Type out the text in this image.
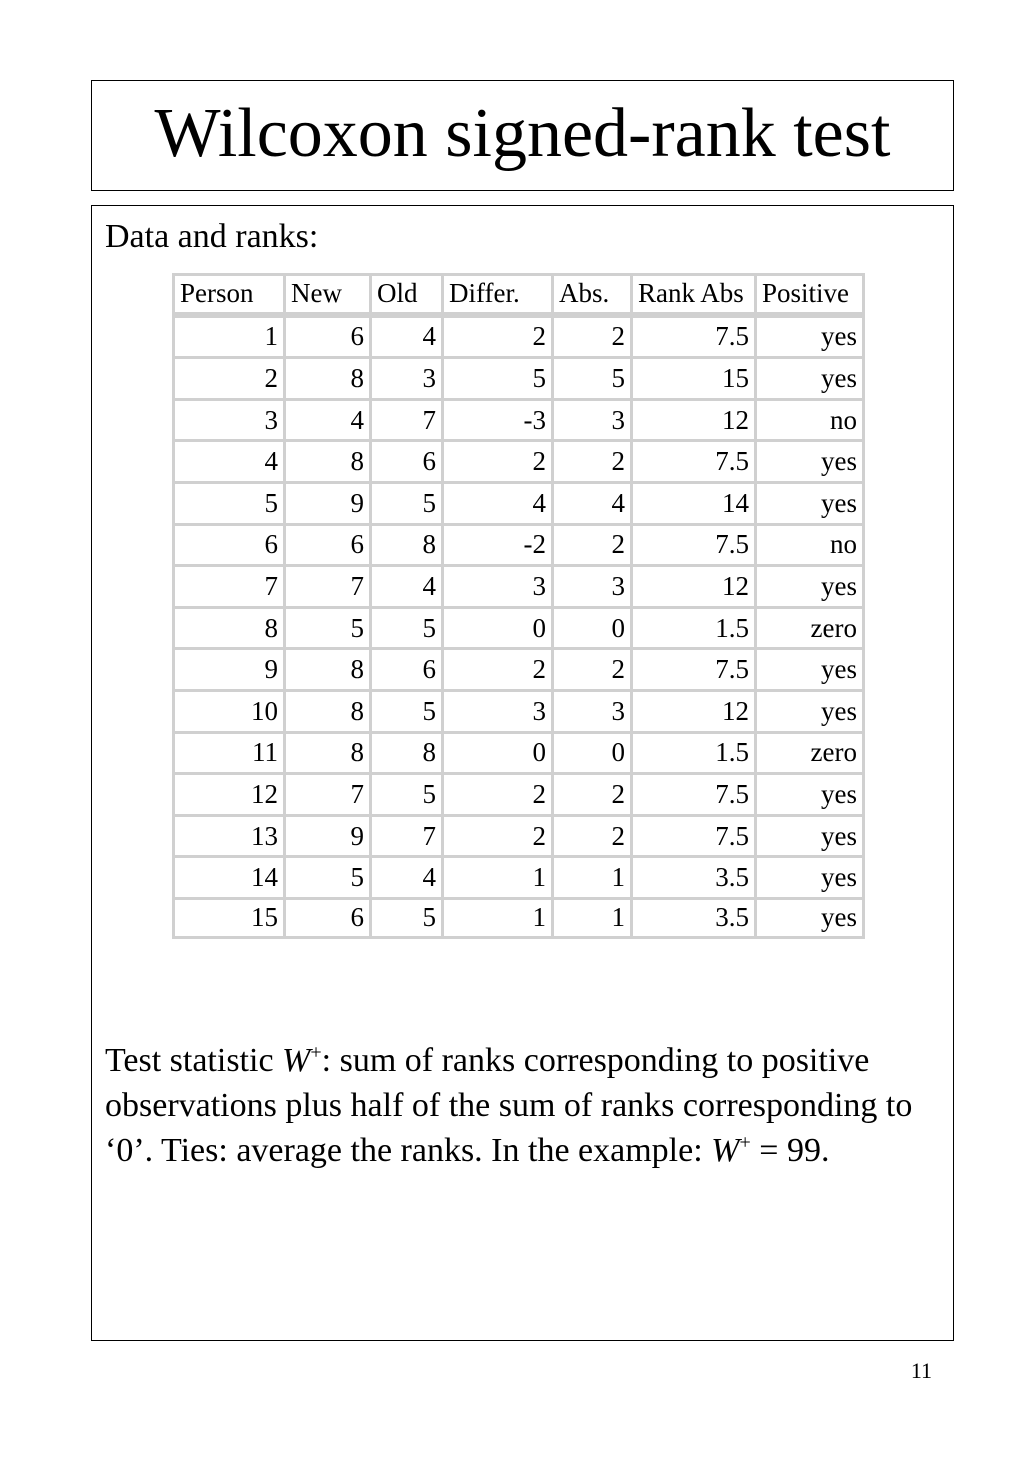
Wilcoxon signed-rank test

Data and ranks:

Person	New	Old	Differ.	Abs.	Rank Abs	Positive
1	6	4	2	2	7.5	yes
2	8	3	5	5	15	yes
3	4	7	-3	3	12	no
4	8	6	2	2	7.5	yes
5	9	5	4	4	14	yes
6	6	8	-2	2	7.5	no
7	7	4	3	3	12	yes
8	5	5	0	0	1.5	zero
9	8	6	2	2	7.5	yes
10	8	5	3	3	12	yes
11	8	8	0	0	1.5	zero
12	7	5	2	2	7.5	yes
13	9	7	2	2	7.5	yes
14	5	4	1	1	3.5	yes
15	6	5	1	1	3.5	yes

Test statistic W+: sum of ranks corresponding to positive observations plus half of the sum of ranks corresponding to ‘0’. Ties: average the ranks. In the example: W+ = 99.

11
